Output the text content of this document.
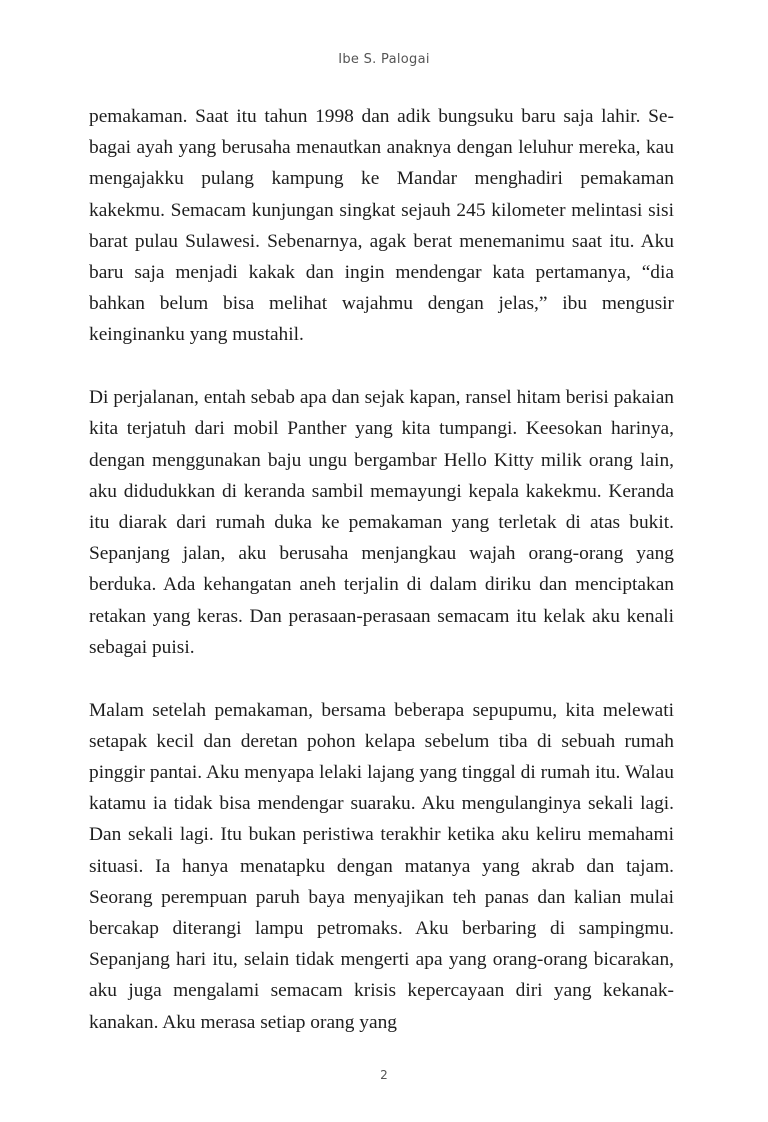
Ibe S. Palogai

pemakaman. Saat itu tahun 1998 dan adik bungsuku baru saja lahir. Sebagai ayah yang berusaha menautkan anaknya dengan leluhur mereka, kau mengajakku pulang kampung ke Mandar menghadiri pemakaman kakekmu. Semacam kunjungan singkat sejauh 245 kilometer melintasi sisi barat pulau Sulawesi. Sebenarnya, agak berat menemanimu saat itu. Aku baru saja menjadi kakak dan ingin mendengar kata pertamanya, “dia bahkan belum bisa melihat wajahmu dengan jelas,” ibu mengusir keinginanku yang mustahil.

Di perjalanan, entah sebab apa dan sejak kapan, ransel hitam berisi pakaian kita terjatuh dari mobil Panther yang kita tumpangi. Keesokan harinya, dengan menggunakan baju ungu bergambar Hello Kitty milik orang lain, aku didudukkan di keranda sambil memayungi kepala kakekmu. Keranda itu diarak dari rumah duka ke pemakaman yang terletak di atas bukit. Sepanjang jalan, aku berusaha menjangkau wajah orang-orang yang berduka. Ada kehangatan aneh terjalin di dalam diriku dan menciptakan retakan yang keras. Dan perasaan-perasaan semacam itu kelak aku kenali sebagai puisi.

Malam setelah pemakaman, bersama beberapa sepupumu, kita melewati setapak kecil dan deretan pohon kelapa sebelum tiba di sebuah rumah pinggir pantai. Aku menyapa lelaki lajang yang tinggal di rumah itu. Walau katamu ia tidak bisa mendengar suaraku. Aku mengulanginya sekali lagi. Dan sekali lagi. Itu bukan peristiwa terakhir ketika aku keliru memahami situasi. Ia hanya menatapku dengan matanya yang akrab dan tajam. Seorang perempuan paruh baya menyajikan teh panas dan kalian mulai bercakap diterangi lampu petromaks. Aku berbaring di sampingmu. Sepanjang hari itu, selain tidak mengerti apa yang orang-orang bicarakan, aku juga mengalami semacam krisis kepercayaan diri yang kekanak-kanakan. Aku merasa setiap orang yang

2
